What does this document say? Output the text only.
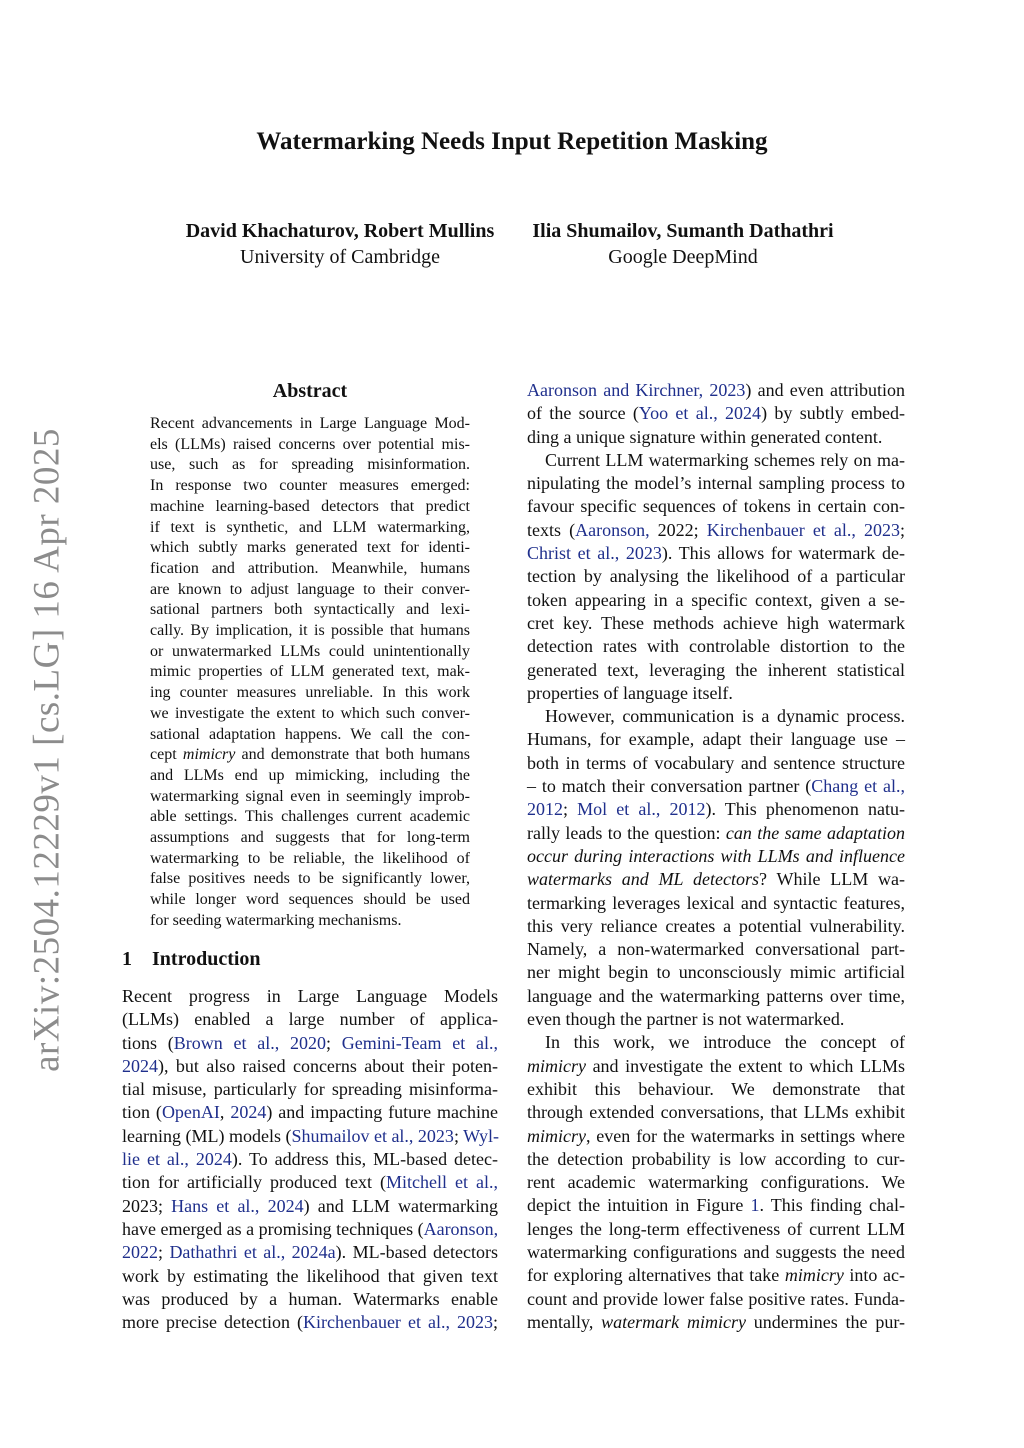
arXiv:2504.12229v1 [cs.LG] 16 Apr 2025
Watermarking Needs Input Repetition Masking
David Khachaturov, Robert Mullins
University of Cambridge
Ilia Shumailov, Sumanth Dathathri
Google DeepMind
Abstract
Recent advancements in Large Language Mod-
els (LLMs) raised concerns over potential mis-
use, such as for spreading misinformation.
In response two counter measures emerged:
machine learning-based detectors that predict
if text is synthetic, and LLM watermarking,
which subtly marks generated text for identi-
fication and attribution. Meanwhile, humans
are known to adjust language to their conver-
sational partners both syntactically and lexi-
cally. By implication, it is possible that humans
or unwatermarked LLMs could unintentionally
mimic properties of LLM generated text, mak-
ing counter measures unreliable. In this work
we investigate the extent to which such conver-
sational adaptation happens. We call the con-
cept mimicry and demonstrate that both humans
and LLMs end up mimicking, including the
watermarking signal even in seemingly improb-
able settings. This challenges current academic
assumptions and suggests that for long-term
watermarking to be reliable, the likelihood of
false positives needs to be significantly lower,
while longer word sequences should be used
for seeding watermarking mechanisms.
1 Introduction
Recent progress in Large Language Models
(LLMs) enabled a large number of applica-
tions (Brown et al., 2020; Gemini-Team et al.,
2024), but also raised concerns about their poten-
tial misuse, particularly for spreading misinforma-
tion (OpenAI, 2024) and impacting future machine
learning (ML) models (Shumailov et al., 2023; Wyl-
lie et al., 2024). To address this, ML-based detec-
tion for artificially produced text (Mitchell et al.,
2023; Hans et al., 2024) and LLM watermarking
have emerged as a promising techniques (Aaronson,
2022; Dathathri et al., 2024a). ML-based detectors
work by estimating the likelihood that given text
was produced by a human. Watermarks enable
more precise detection (Kirchenbauer et al., 2023;
Aaronson and Kirchner, 2023) and even attribution
of the source (Yoo et al., 2024) by subtly embed-
ding a unique signature within generated content.
Current LLM watermarking schemes rely on ma-
nipulating the model’s internal sampling process to
favour specific sequences of tokens in certain con-
texts (Aaronson, 2022; Kirchenbauer et al., 2023;
Christ et al., 2023). This allows for watermark de-
tection by analysing the likelihood of a particular
token appearing in a specific context, given a se-
cret key. These methods achieve high watermark
detection rates with controlable distortion to the
generated text, leveraging the inherent statistical
properties of language itself.
However, communication is a dynamic process.
Humans, for example, adapt their language use –
both in terms of vocabulary and sentence structure
– to match their conversation partner (Chang et al.,
2012; Mol et al., 2012). This phenomenon natu-
rally leads to the question: can the same adaptation
occur during interactions with LLMs and influence
watermarks and ML detectors? While LLM wa-
termarking leverages lexical and syntactic features,
this very reliance creates a potential vulnerability.
Namely, a non-watermarked conversational part-
ner might begin to unconsciously mimic artificial
language and the watermarking patterns over time,
even though the partner is not watermarked.
In this work, we introduce the concept of
mimicry and investigate the extent to which LLMs
exhibit this behaviour. We demonstrate that
through extended conversations, that LLMs exhibit
mimicry, even for the watermarks in settings where
the detection probability is low according to cur-
rent academic watermarking configurations. We
depict the intuition in Figure 1. This finding chal-
lenges the long-term effectiveness of current LLM
watermarking configurations and suggests the need
for exploring alternatives that take mimicry into ac-
count and provide lower false positive rates. Funda-
mentally, watermark mimicry undermines the pur-
